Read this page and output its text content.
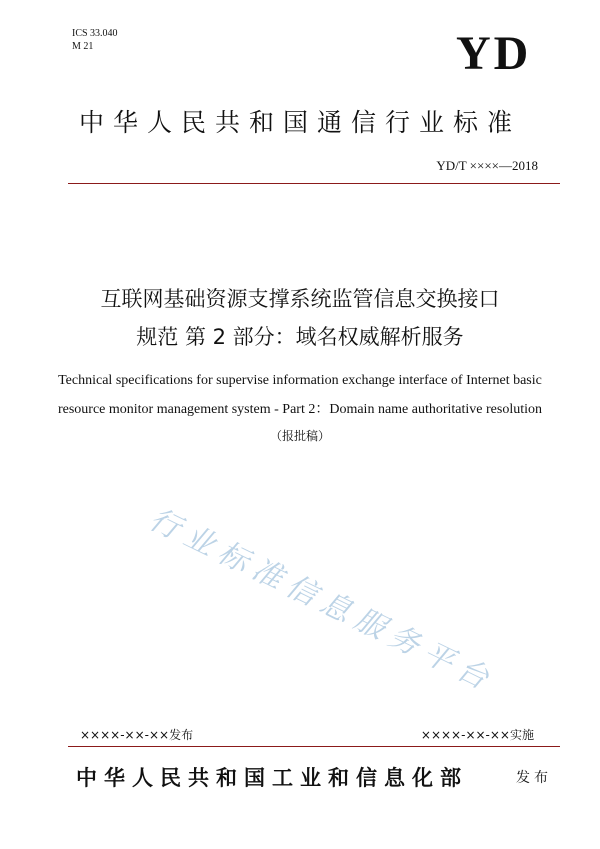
ICS 33.040
M 21	YD
中华人民共和国通信行业标准
YD/T ××××—2018
互联网基础资源支撑系统监管信息交换接口
规范 第 2 部分：域名权威解析服务
Technical specifications for supervise information exchange interface of Internet basic
resource monitor management system - Part 2：Domain name authoritative resolution
（报批稿）
行业标准信息服务平台
××××-××-××发布	××××-××-××实施
中华人民共和国工业和信息化部	发布
